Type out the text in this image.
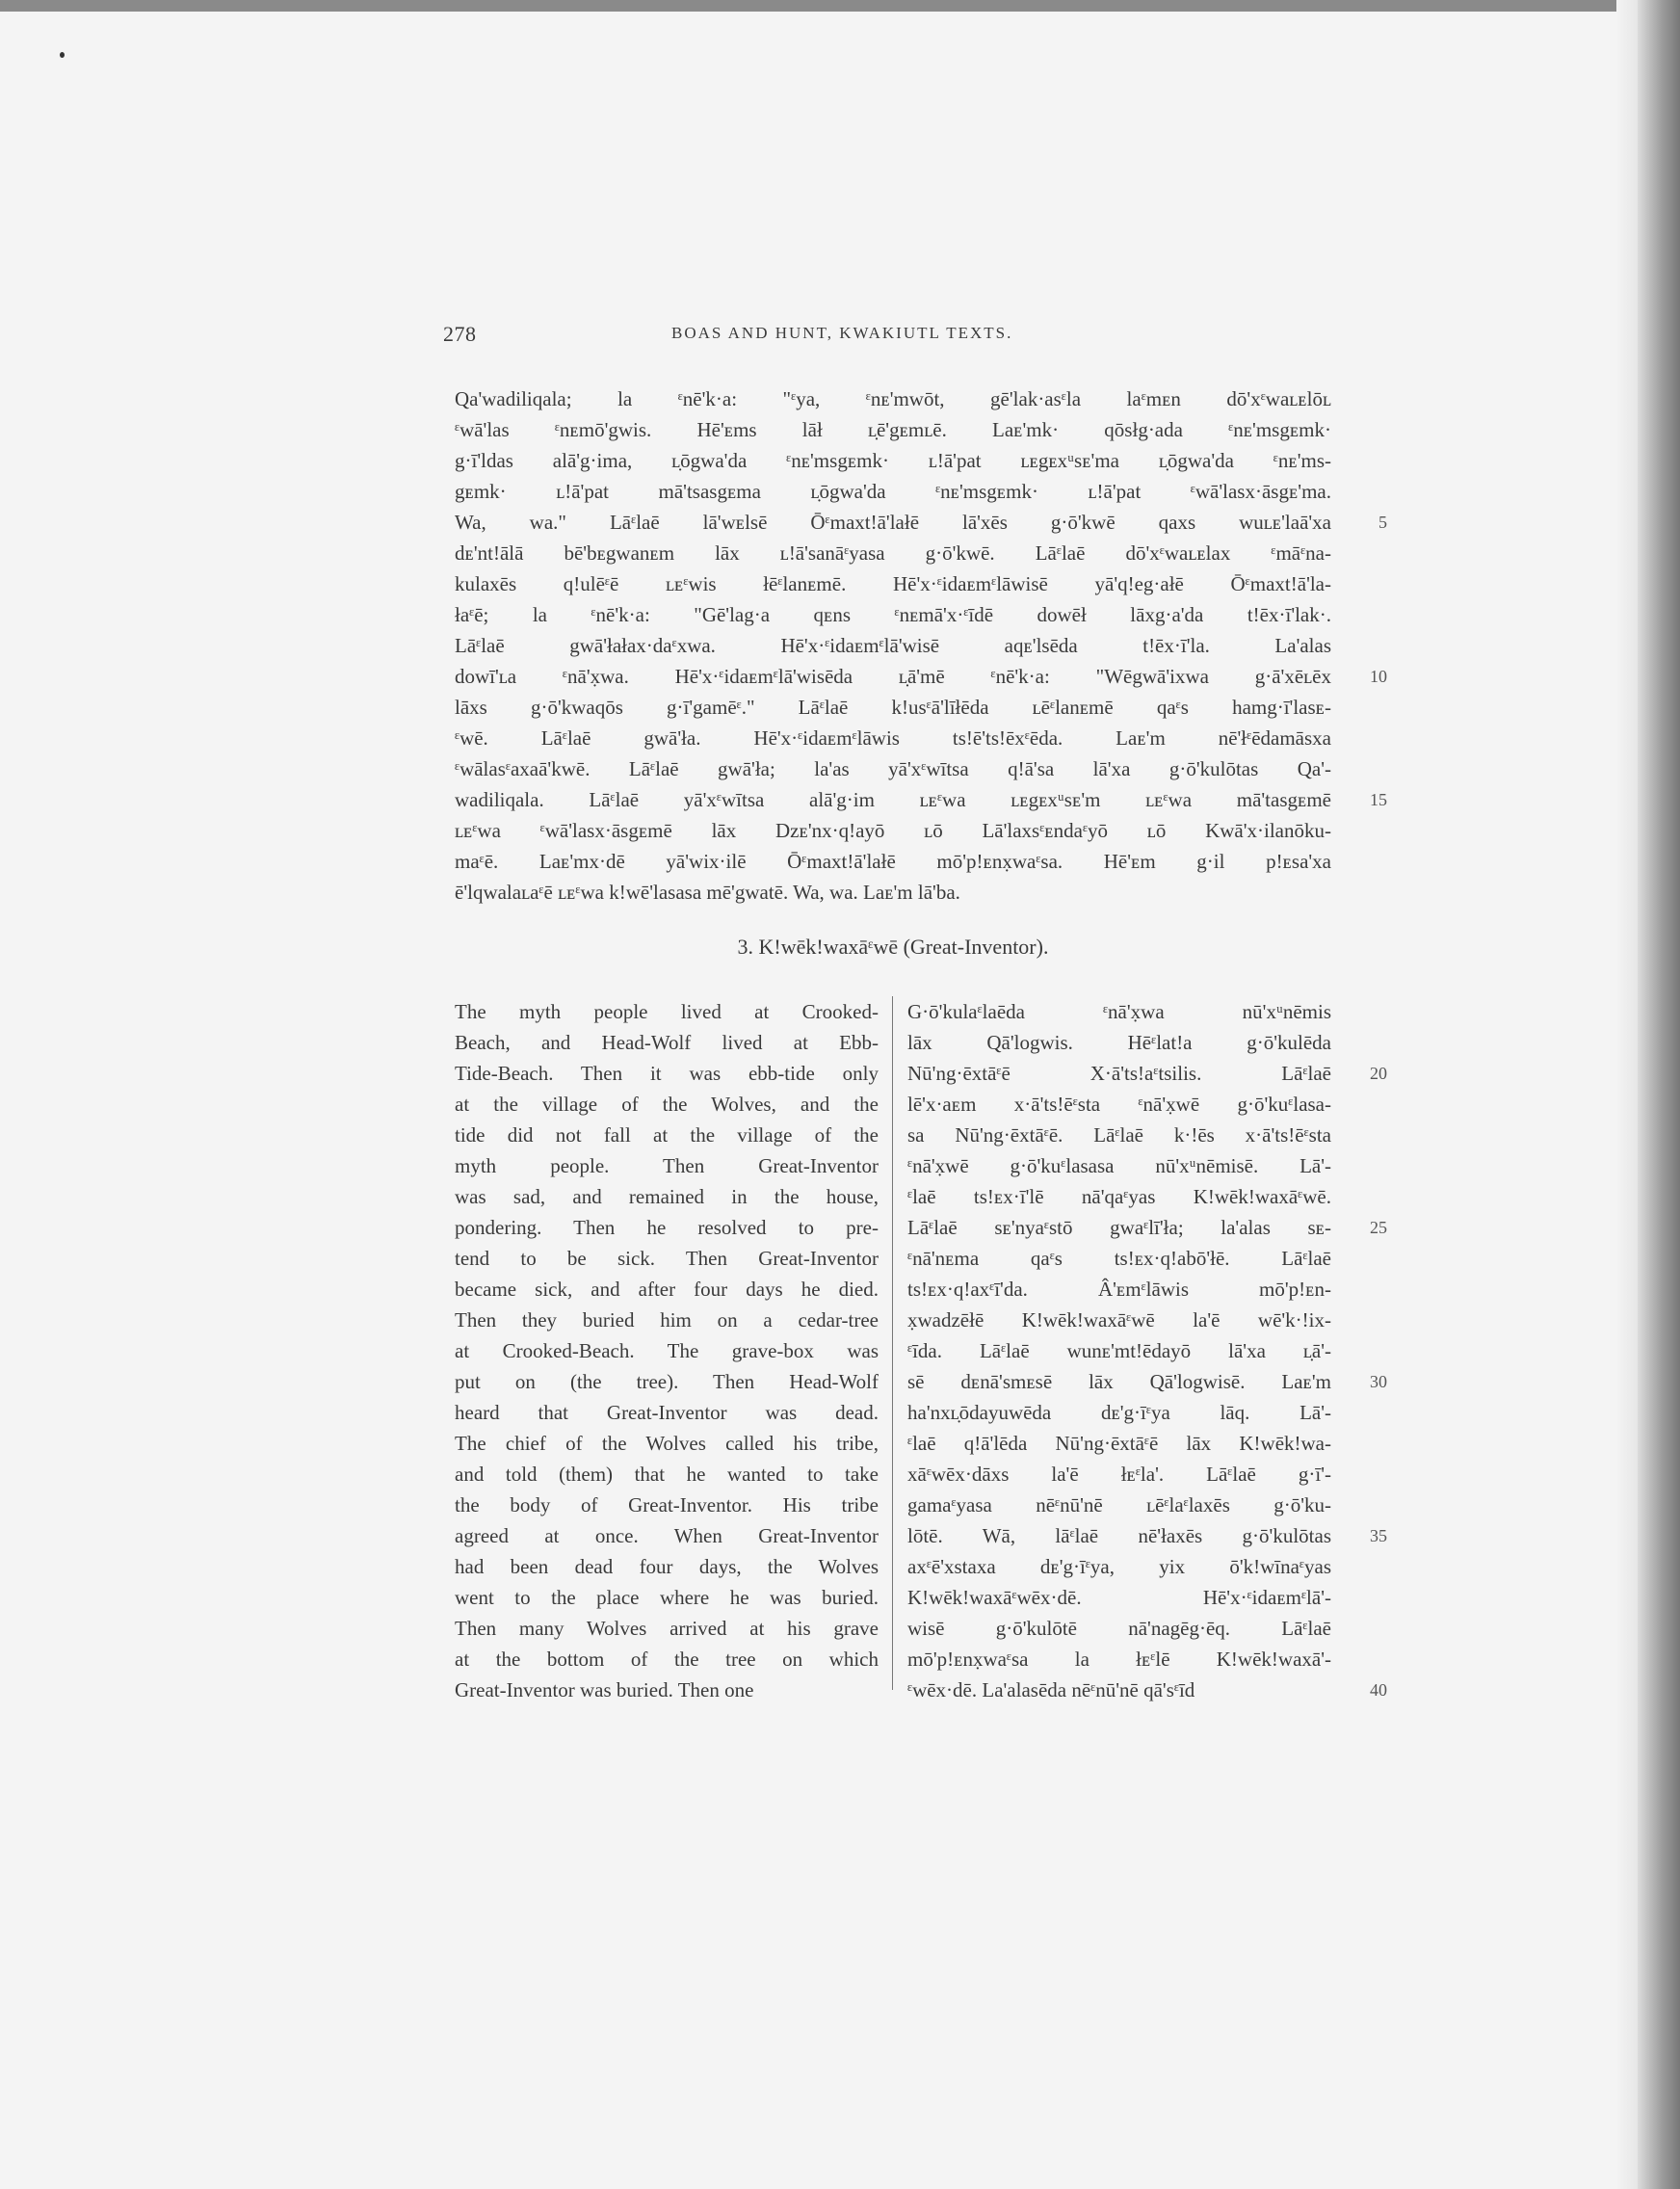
278	BOAS AND HUNT, KWAKIUTL TEXTS.
Qa'wadiliqala; la ᵋnē'k·a: "ᵋya, ᵋnᴇ'mwōt, gē'lak·asᵋla laᵋmᴇn dō'xᵋwaʟᴇlōʟ
ᵋwā'las ᵋnᴇmō'gwis. Hē'ᴇms lāł ʟ̣ē'gᴇmʟē. Laᴇ'mk· qōsłg·ada ᵋnᴇ'msgᴇmk·
g·ī'ldas alā'g·ima, ʟ̣ōgwa'da ᵋnᴇ'msgᴇmk· ʟ!ā'pat ʟᴇgᴇxᵘsᴇ'ma ʟ̣ōgwa'da ᵋnᴇ'ms-
gᴇmk· ʟ!ā'pat mā'tsasgᴇma ʟ̣ōgwa'da ᵋnᴇ'msgᴇmk· ʟ!ā'pat ᵋwā'lasx·āsgᴇ'ma.
Wa, wa." Lāᵋlaē lā'wᴇlsē Ōᵋmaxt!ā'lałē lā'xēs g·ō'kwē qaxs wuʟᴇ'laā'xa	5
dᴇ'nt!ālā bē'bᴇgwanᴇm lāx ʟ!ā'sanāᵋyasa g·ō'kwē. Lāᵋlaē dō'xᵋwaʟᴇlax ᵋmāᵋna-
kulaxēs q!ulēᵋē ʟᴇᵋwis łēᵋlanᴇmē. Hē'x·ᵋidaᴇmᵋlāwisē yā'q!eg·ałē Ōᵋmaxt!ā'la-
łaᵋē; la ᵋnē'k·a: "Gē'lag·a qᴇns ᵋnᴇmā'x·ᵋīdē dowēł lāxg·a'da t!ēx·ī'lak·.
Lāᵋlaē gwā'łałax·daᵋxwa. Hē'x·ᵋidaᴇmᵋlā'wisē aqᴇ'lsēda t!ēx·ī'la. La'alas
dowī'ʟa ᵋnā'x̣wa. Hē'x·ᵋidaᴇmᵋlā'wisēda ʟ̣ā'mē ᵋnē'k·a: "Wēgwā'ixwa g·ā'xēʟēx 10
lāxs g·ō'kwaqōs g·ī'gamēᵋ." Lāᵋlaē k!usᵋā'līłēda ʟēᵋlanᴇmē qaᵋs hamg·ī'lasᴇ-
ᵋwē. Lāᵋlaē gwā'ła. Hē'x·ᵋidaᴇmᵋlāwis ts!ē'ts!ēxᵋēda. Laᴇ'm nē'łᵋēdamāsxa
ᵋwālasᵋaxaā'kwē. Lāᵋlaē gwā'ła; la'as yā'xᵋwītsa q!ā'sa lā'xa g·ō'kulōtas Qa'-
wadiliqala. Lāᵋlaē yā'xᵋwītsa alā'g·im ʟᴇᵋwa ʟᴇgᴇxᵘsᴇ'm ʟᴇᵋwa mā'tasgᴇmē 15
ʟᴇᵋwa ᵋwā'lasx·āsgᴇmē lāx Dzᴇ'nx·q!ayō ʟō Lā'laxsᵋᴇndaᵋyō ʟō Kwā'x·ilanōku-
maᵋē. Laᴇ'mx·dē yā'wix·ilē Ōᵋmaxt!ā'lałē mō'p!ᴇnx̣waᵋsa. Hē'ᴇm g·il p!ᴇsa'xa
ē'lqwalaʟaᵋē ʟᴇᵋwa k!wē'lasasa mē'gwatē. Wa, wa. Laᴇ'm lā'ba.
3. K!wēk!waxāᵋwē (Great-Inventor).
The myth people lived at Crooked-
Beach, and Head-Wolf lived at Ebb-
Tide-Beach. Then it was ebb-tide only
at the village of the Wolves, and the
tide did not fall at the village of the
myth people. Then Great-Inventor
was sad, and remained in the house,
pondering. Then he resolved to pre-
tend to be sick. Then Great-Inventor
became sick, and after four days he died.
Then they buried him on a cedar-tree
at Crooked-Beach. The grave-box was
put on (the tree). Then Head-Wolf
heard that Great-Inventor was dead.
The chief of the Wolves called his tribe,
and told (them) that he wanted to take
the body of Great-Inventor. His tribe
agreed at once. When Great-Inventor
had been dead four days, the Wolves
went to the place where he was buried.
Then many Wolves arrived at his grave
at the bottom of the tree on which
Great-Inventor was buried. Then one
G·ō'kulaᵋlaēda ᵋnā'x̣wa nū'xᵘnēmis
lāx Qā'logwis. Hēᵋlat!a g·ō'kulēda
Nū'ng·ēxtāᵋē X·ā'ts!aᵋtsilis. Lāᵋlaē 20
lē'x·aᴇm x·ā'ts!ēᵋsta ᵋnā'x̣wē g·ō'kuᵋlasa-
sa Nū'ng·ēxtāᵋē. Lāᵋlaē k·!ēs x·ā'ts!ēᵋsta
ᵋnā'x̣wē g·ō'kuᵋlasasa nū'xᵘnēmisē. Lā'-
ᵋlaē ts!ᴇx·ī'lē nā'qaᵋyas K!wēk!waxāᵋwē.
Lāᵋlaē sᴇ'nyaᵋstō gwaᵋlī'ła; la'alas sᴇ- 25
ᵋnā'nᴇma qaᵋs ts!ᴇx·q!abō'łē. Lāᵋlaē
ts!ᴇx·q!axᵋī'da. Â'ᴇmᵋlāwis mō'p!ᴇn-
x̣wadzēłē K!wēk!waxāᵋwē la'ē wē'k·!ix-
ᵋīda. Lāᵋlaē wunᴇ'mt!ēdayō lā'xa ʟ̣ā'-
sē dᴇnā'smᴇsē lāx Qā'logwisē. Laᴇ'm 30
ha'nxʟ̣ōdayuwēda dᴇ'g·īᵋya lāq. Lā'-
ᵋlaē q!ā'lēda Nū'ng·ēxtāᵋē lāx K!wēk!wa-
xāᵋwēx·dāxs la'ē łᴇᵋla'. Lāᵋlaē g·ī'-
gamaᵋyasa nēᵋnū'nē ʟēᵋlaᵋlaxēs g·ō'ku-
lōtē. Wā, lāᵋlaē nē'łaxēs g·ō'kulōtas 35
axᵋē'xstaxa dᴇ'g·īᵋya, yix ō'k!wīnaᵋyas
K!wēk!waxāᵋwēx·dē. Hē'x·ᵋidaᴇmᵋlā'-
wisē g·ō'kulōtē nā'nagēg·ēq. Lāᵋlaē
mō'p!ᴇnx̣waᵋsa la łᴇᵋlē K!wēk!waxā'-
ᵋwēx·dē. La'alasēda nēᵋnū'nē qā'sᵋīd	40
